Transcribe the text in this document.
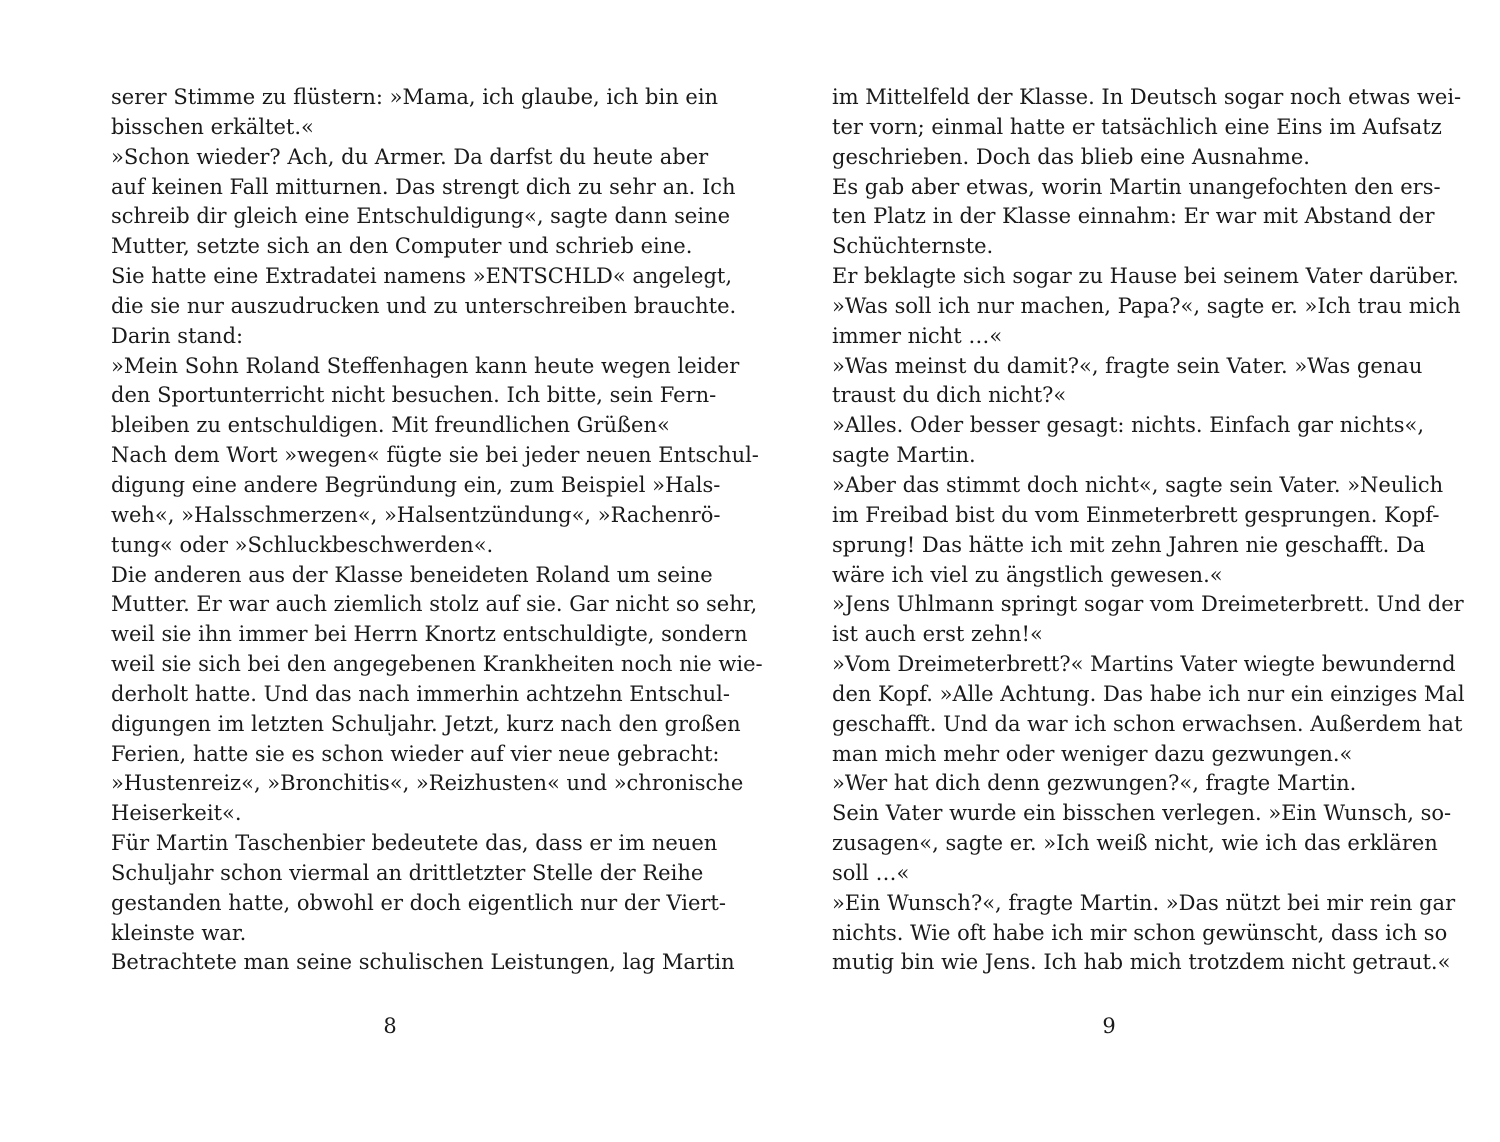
serer Stimme zu flüstern: »Mama, ich glaube, ich bin ein
bisschen erkältet.«
»Schon wieder? Ach, du Armer. Da darfst du heute aber
auf keinen Fall mitturnen. Das strengt dich zu sehr an. Ich
schreib dir gleich eine Entschuldigung«, sagte dann seine
Mutter, setzte sich an den Computer und schrieb eine.
Sie hatte eine Extradatei namens »ENTSCHLD« angelegt,
die sie nur auszudrucken und zu unterschreiben brauchte.
Darin stand:
»Mein Sohn Roland Steffenhagen kann heute wegen leider
den Sportunterricht nicht besuchen. Ich bitte, sein Fern-
bleiben zu entschuldigen. Mit freundlichen Grüßen«
Nach dem Wort »wegen« fügte sie bei jeder neuen Entschul-
digung eine andere Begründung ein, zum Beispiel »Hals-
weh«, »Halsschmerzen«, »Halsentzündung«, »Rachenrö-
tung« oder »Schluckbeschwerden«.
Die anderen aus der Klasse beneideten Roland um seine
Mutter. Er war auch ziemlich stolz auf sie. Gar nicht so sehr,
weil sie ihn immer bei Herrn Knortz entschuldigte, sondern
weil sie sich bei den angegebenen Krankheiten noch nie wie-
derholt hatte. Und das nach immerhin achtzehn Entschul-
digungen im letzten Schuljahr. Jetzt, kurz nach den großen
Ferien, hatte sie es schon wieder auf vier neue gebracht:
»Hustenreiz«, »Bronchitis«, »Reizhusten« und »chronische
Heiserkeit«.
Für Martin Taschenbier bedeutete das, dass er im neuen
Schuljahr schon viermal an drittletzter Stelle der Reihe
gestanden hatte, obwohl er doch eigentlich nur der Viert-
kleinste war.
Betrachtete man seine schulischen Leistungen, lag Martin
8
im Mittelfeld der Klasse. In Deutsch sogar noch etwas wei-
ter vorn; einmal hatte er tatsächlich eine Eins im Aufsatz
geschrieben. Doch das blieb eine Ausnahme.
Es gab aber etwas, worin Martin unangefochten den ers-
ten Platz in der Klasse einnahm: Er war mit Abstand der
Schüchternste.
Er beklagte sich sogar zu Hause bei seinem Vater darüber.
»Was soll ich nur machen, Papa?«, sagte er. »Ich trau mich
immer nicht …«
»Was meinst du damit?«, fragte sein Vater. »Was genau
traust du dich nicht?«
»Alles. Oder besser gesagt: nichts. Einfach gar nichts«,
sagte Martin.
»Aber das stimmt doch nicht«, sagte sein Vater. »Neulich
im Freibad bist du vom Einmeterbrett gesprungen. Kopf-
sprung! Das hätte ich mit zehn Jahren nie geschafft. Da
wäre ich viel zu ängstlich gewesen.«
»Jens Uhlmann springt sogar vom Dreimeterbrett. Und der
ist auch erst zehn!«
»Vom Dreimeterbrett?« Martins Vater wiegte bewundernd
den Kopf. »Alle Achtung. Das habe ich nur ein einziges Mal
geschafft. Und da war ich schon erwachsen. Außerdem hat
man mich mehr oder weniger dazu gezwungen.«
»Wer hat dich denn gezwungen?«, fragte Martin.
Sein Vater wurde ein bisschen verlegen. »Ein Wunsch, so-
zusagen«, sagte er. »Ich weiß nicht, wie ich das erklären
soll …«
»Ein Wunsch?«, fragte Martin. »Das nützt bei mir rein gar
nichts. Wie oft habe ich mir schon gewünscht, dass ich so
mutig bin wie Jens. Ich hab mich trotzdem nicht getraut.«
9
